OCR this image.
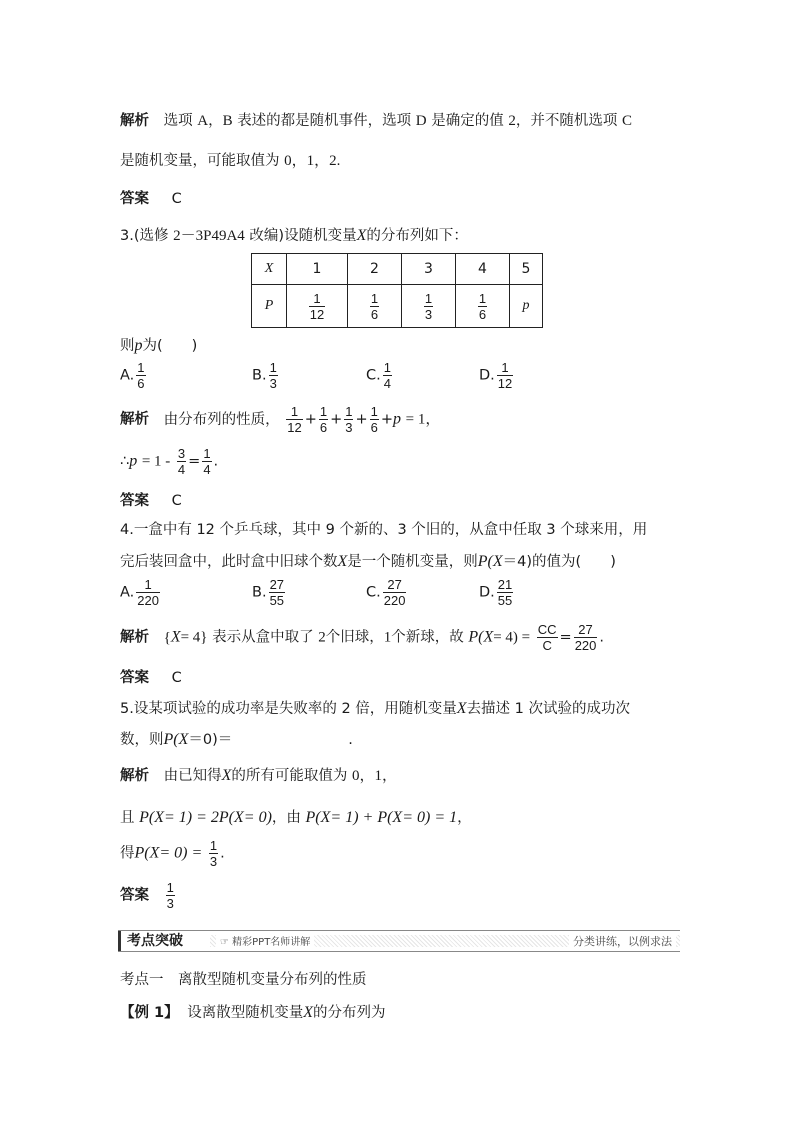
解析 选项 A，B 表述的都是随机事件，选项 D 是确定的值 2，并不随机选项 C
是随机变量，可能取值为 0，1，2.
答案 C
3.(选修 2－3P49A4 改编)设随机变量X的分布列如下：
X	1	2	3	4	5
P	$\frac{1}{12}$	$\frac{1}{6}$	$\frac{1}{3}$	$\frac{1}{6}$	p
则p为(　　)
A. $\frac{1}{6}$	B. $\frac{1}{3}$	C. $\frac{1}{4}$	D. $\frac{1}{12}$
解析 由分布列的性质， $\frac{1}{12} + \frac{1}{6} + \frac{1}{3} + \frac{1}{6} +p = 1$，
∴p = $1 - \frac{3}{4} = \frac{1}{4}$ .
答案 C
4.一盒中有 12 个乒乓球，其中 9 个新的、3 个旧的，从盒中任取 3 个球来用，用
完后装回盒中，此时盒中旧球个数X是一个随机变量，则P(X＝4)的值为(　　)
A. $\frac{1}{220}$	B. $\frac{27}{55}$	C. $\frac{27}{220}$	D. $\frac{21}{55}$
解析 {X= 4} 表示从盒中取了 2个旧球，1个新球，故 $P(X= 4) = \frac{CC}{C} = \frac{27}{220}$ .
答案 C
5.设某项试验的成功率是失败率的 2 倍，用随机变量X去描述 1 次试验的成功次
数，则P(X＝0)＝　　　　　　　　.
解析 由已知得X的所有可能取值为 0，1，
且 P(X= 1) = 2P(X= 0)，由 P(X= 1) + P(X= 0) = 1，
得$P(X= 0) = \frac{1}{3}$ .
答案 $\frac{1}{3}$
考点突破	☞ 精彩PPT名师讲解	分类讲练，以例求法
考点一　离散型随机变量分布列的性质
【例 1】 设离散型随机变量X的分布列为
